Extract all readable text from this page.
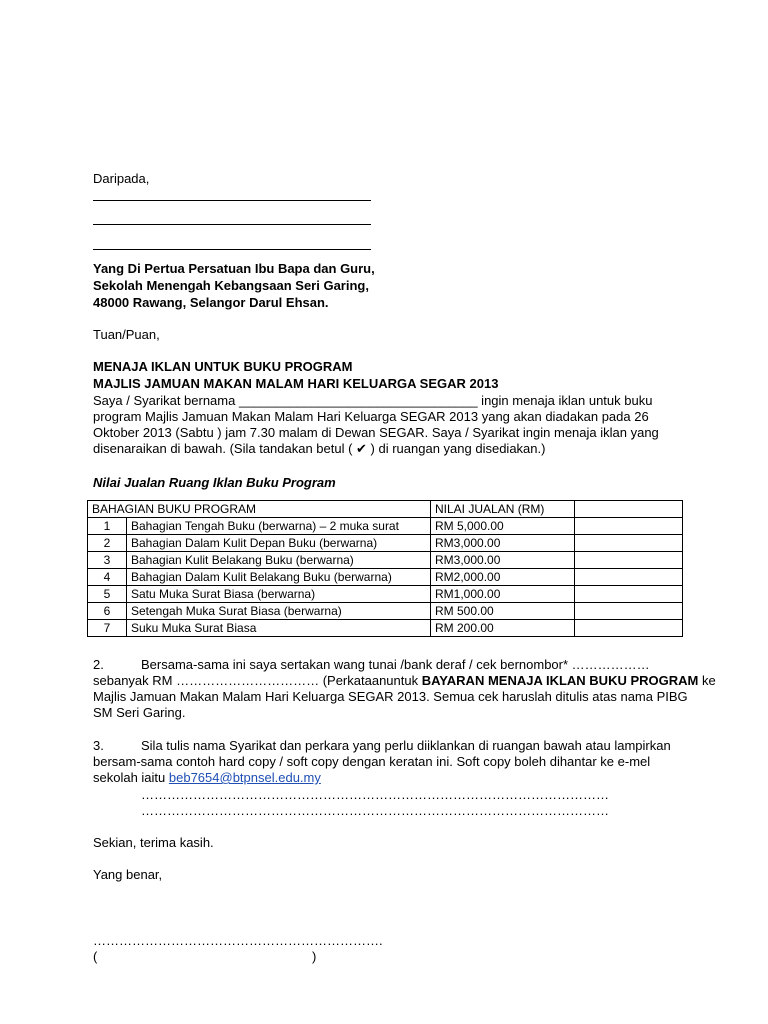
Daripada,
Yang Di Pertua Persatuan Ibu Bapa dan Guru,
Sekolah Menengah Kebangsaan Seri Garing,
48000 Rawang, Selangor Darul Ehsan.
Tuan/Puan,
MENAJA IKLAN UNTUK BUKU PROGRAM
MAJLIS JAMUAN MAKAN MALAM HARI KELUARGA SEGAR 2013
Saya / Syarikat bernama _________________________________ ingin menaja iklan untuk buku
program Majlis Jamuan Makan Malam Hari Keluarga SEGAR 2013 yang akan diadakan pada 26
Oktober 2013 (Sabtu ) jam 7.30 malam di Dewan SEGAR. Saya / Syarikat ingin menaja iklan yang
disenaraikan di bawah. (Sila tandakan betul ( ✔ ) di ruangan yang disediakan.)
Nilai Jualan Ruang Iklan Buku Program
BAHAGIAN BUKU PROGRAM		NILAI JUALAN (RM)	
1	Bahagian Tengah Buku (berwarna) – 2 muka surat	RM 5,000.00	
2	Bahagian Dalam Kulit Depan Buku (berwarna)	RM3,000.00	
3	Bahagian Kulit Belakang Buku (berwarna)	RM3,000.00	
4	Bahagian Dalam Kulit Belakang Buku (berwarna)	RM2,000.00	
5	Satu Muka Surat Biasa (berwarna)	RM1,000.00	
6	Setengah Muka Surat Biasa (berwarna)	RM 500.00	
7	Suku Muka Surat Biasa	RM 200.00	
2.	Bersama-sama ini saya sertakan wang tunai /bank deraf / cek bernombor* ………………
sebanyak RM …………………………… (Perkataanuntuk BAYARAN MENAJA IKLAN BUKU PROGRAM ke
Majlis Jamuan Makan Malam Hari Keluarga SEGAR 2013. Semua cek haruslah ditulis atas nama PIBG
SM Seri Garing.
3.	Sila tulis nama Syarikat dan perkara yang perlu diiklankan di ruangan bawah atau lampirkan
bersam-sama contoh hard copy / soft copy dengan keratan ini. Soft copy boleh dihantar ke e-mel
sekolah iaitu beb7654@btpnsel.edu.my
………………………………………………………………………………………………
………………………………………………………………………………………………
Sekian, terima kasih.
Yang benar,
………………………………………………………….
(	)
